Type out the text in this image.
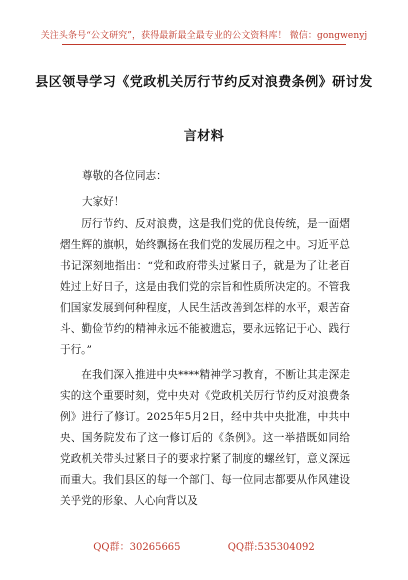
关注头条号“公文研究”，获得最新最全最专业的公文资料库！ 微信：gongwenyj
县区领导学习《党政机关厉行节约反对浪费条例》研讨发
言材料
尊敬的各位同志：
大家好！

厉行节约、反对浪费，这是我们党的优良传统，是一面熠熠生辉的旗帜，始终飘扬在我们党的发展历程之中。习近平总书记深刻地指出：“党和政府带头过紧日子，就是为了让老百姓过上好日子，这是由我们党的宗旨和性质所决定的。不管我们国家发展到何种程度，人民生活改善到怎样的水平，艰苦奋斗、勤俭节约的精神永远不能被遗忘，要永远铭记于心、践行于行。”

在我们深入推进中央****精神学习教育，不断让其走深走实的这个重要时刻，党中央对《党政机关厉行节约反对浪费条例》进行了修订。2025年5月2日，经中共中央批准，中共中央、国务院发布了这一修订后的《条例》。这一举措既如同给党政机关带头过紧日子的要求拧紧了制度的螺丝钉，意义深远而重大。我们县区的每一个部门、每一位同志都要从作风建设关乎党的形象、人心向背以及

QQ群：30265665	QQ群:535304092
